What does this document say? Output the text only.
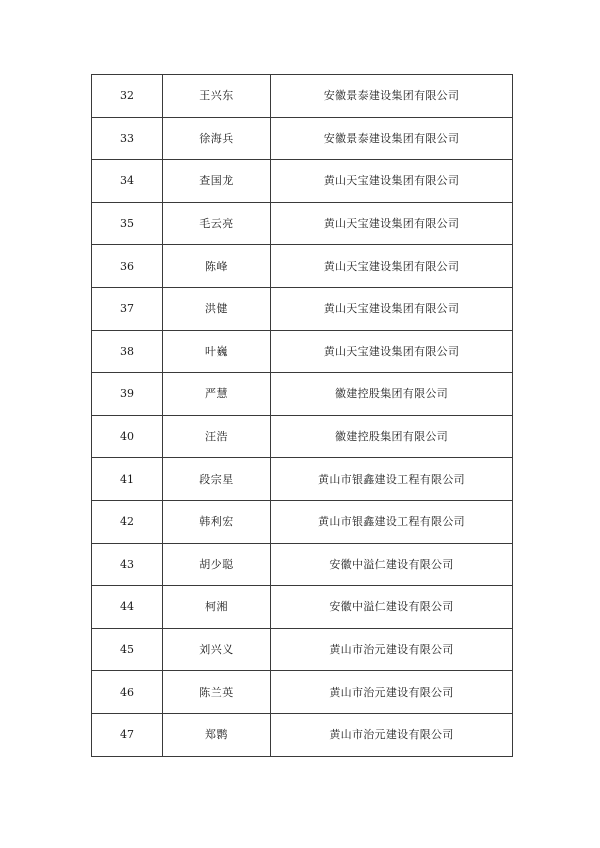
32	王兴东	安徽景泰建设集团有限公司
33	徐海兵	安徽景泰建设集团有限公司
34	查国龙	黄山天宝建设集团有限公司
35	毛云亮	黄山天宝建设集团有限公司
36	陈峰	黄山天宝建设集团有限公司
37	洪健	黄山天宝建设集团有限公司
38	叶巍	黄山天宝建设集团有限公司
39	严慧	徽建控股集团有限公司
40	汪浩	徽建控股集团有限公司
41	段宗星	黄山市银鑫建设工程有限公司
42	韩利宏	黄山市银鑫建设工程有限公司
43	胡少聪	安徽中溢仁建设有限公司
44	柯湘	安徽中溢仁建设有限公司
45	刘兴义	黄山市治元建设有限公司
46	陈兰英	黄山市治元建设有限公司
47	郑鹮	黄山市治元建设有限公司
